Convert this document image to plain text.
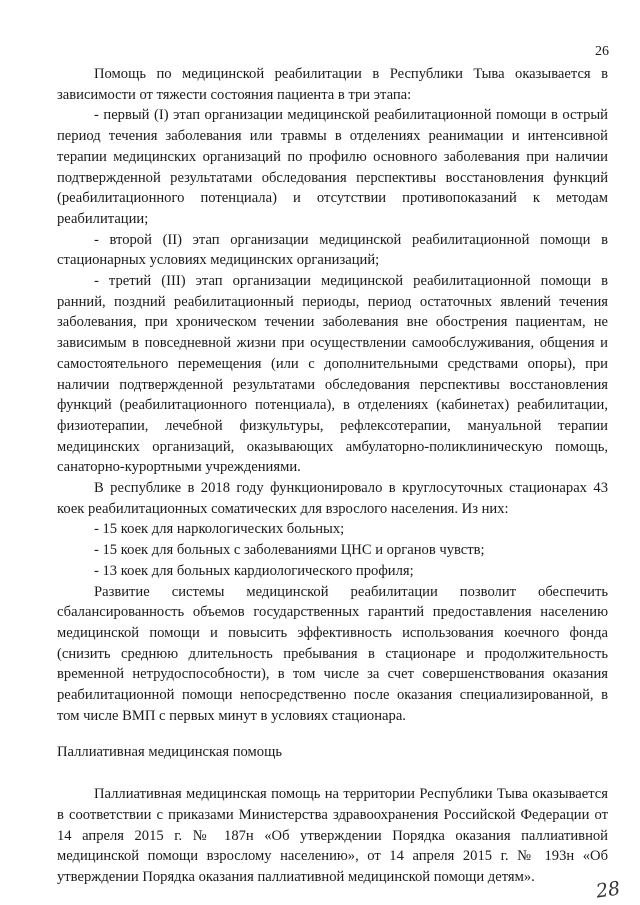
26

Помощь по медицинской реабилитации в Республики Тыва оказывается в зависимости от тяжести состояния пациента в три этапа:

- первый (I) этап организации медицинской реабилитационной помощи в острый период течения заболевания или травмы в отделениях реанимации и интенсивной терапии медицинских организаций по профилю основного заболевания при наличии подтвержденной результатами обследования перспективы восстановления функций (реабилитационного потенциала) и отсутствии противопоказаний к методам реабилитации;

- второй (II) этап организации медицинской реабилитационной помощи в стационарных условиях медицинских организаций;

- третий (III) этап организации медицинской реабилитационной помощи в ранний, поздний реабилитационный периоды, период остаточных явлений течения заболевания, при хроническом течении заболевания вне обострения пациентам, не зависимым в повседневной жизни при осуществлении самообслуживания, общения и самостоятельного перемещения (или с дополнительными средствами опоры), при наличии подтвержденной результатами обследования перспективы восстановления функций (реабилитационного потенциала), в отделениях (кабинетах) реабилитации, физиотерапии, лечебной физкультуры, рефлексотерапии, мануальной терапии медицинских организаций, оказывающих амбулаторно-поликлиническую помощь, санаторно-курортными учреждениями.

В республике в 2018 году функционировало в круглосуточных стационарах 43 коек реабилитационных соматических для взрослого населения. Из них:

- 15 коек для наркологических больных;

- 15 коек для больных с заболеваниями ЦНС и органов чувств;

- 13 коек для больных кардиологического профиля;

Развитие системы медицинской реабилитации позволит обеспечить сбалансированность объемов государственных гарантий предоставления населению медицинской помощи и повысить эффективность использования коечного фонда (снизить среднюю длительность пребывания в стационаре и продолжительность временной нетрудоспособности), в том числе за счет совершенствования оказания реабилитационной помощи непосредственно после оказания специализированной, в том числе ВМП с первых минут в условиях стационара.

Паллиативная медицинская помощь

Паллиативная медицинская помощь на территории Республики Тыва оказывается в соответствии с приказами Министерства здравоохранения Российской Федерации от 14 апреля 2015 г. № 187н «Об утверждении Порядка оказания паллиативной медицинской помощи взрослому населению», от 14 апреля 2015 г. № 193н «Об утверждении Порядка оказания паллиативной медицинской помощи детям».

28
